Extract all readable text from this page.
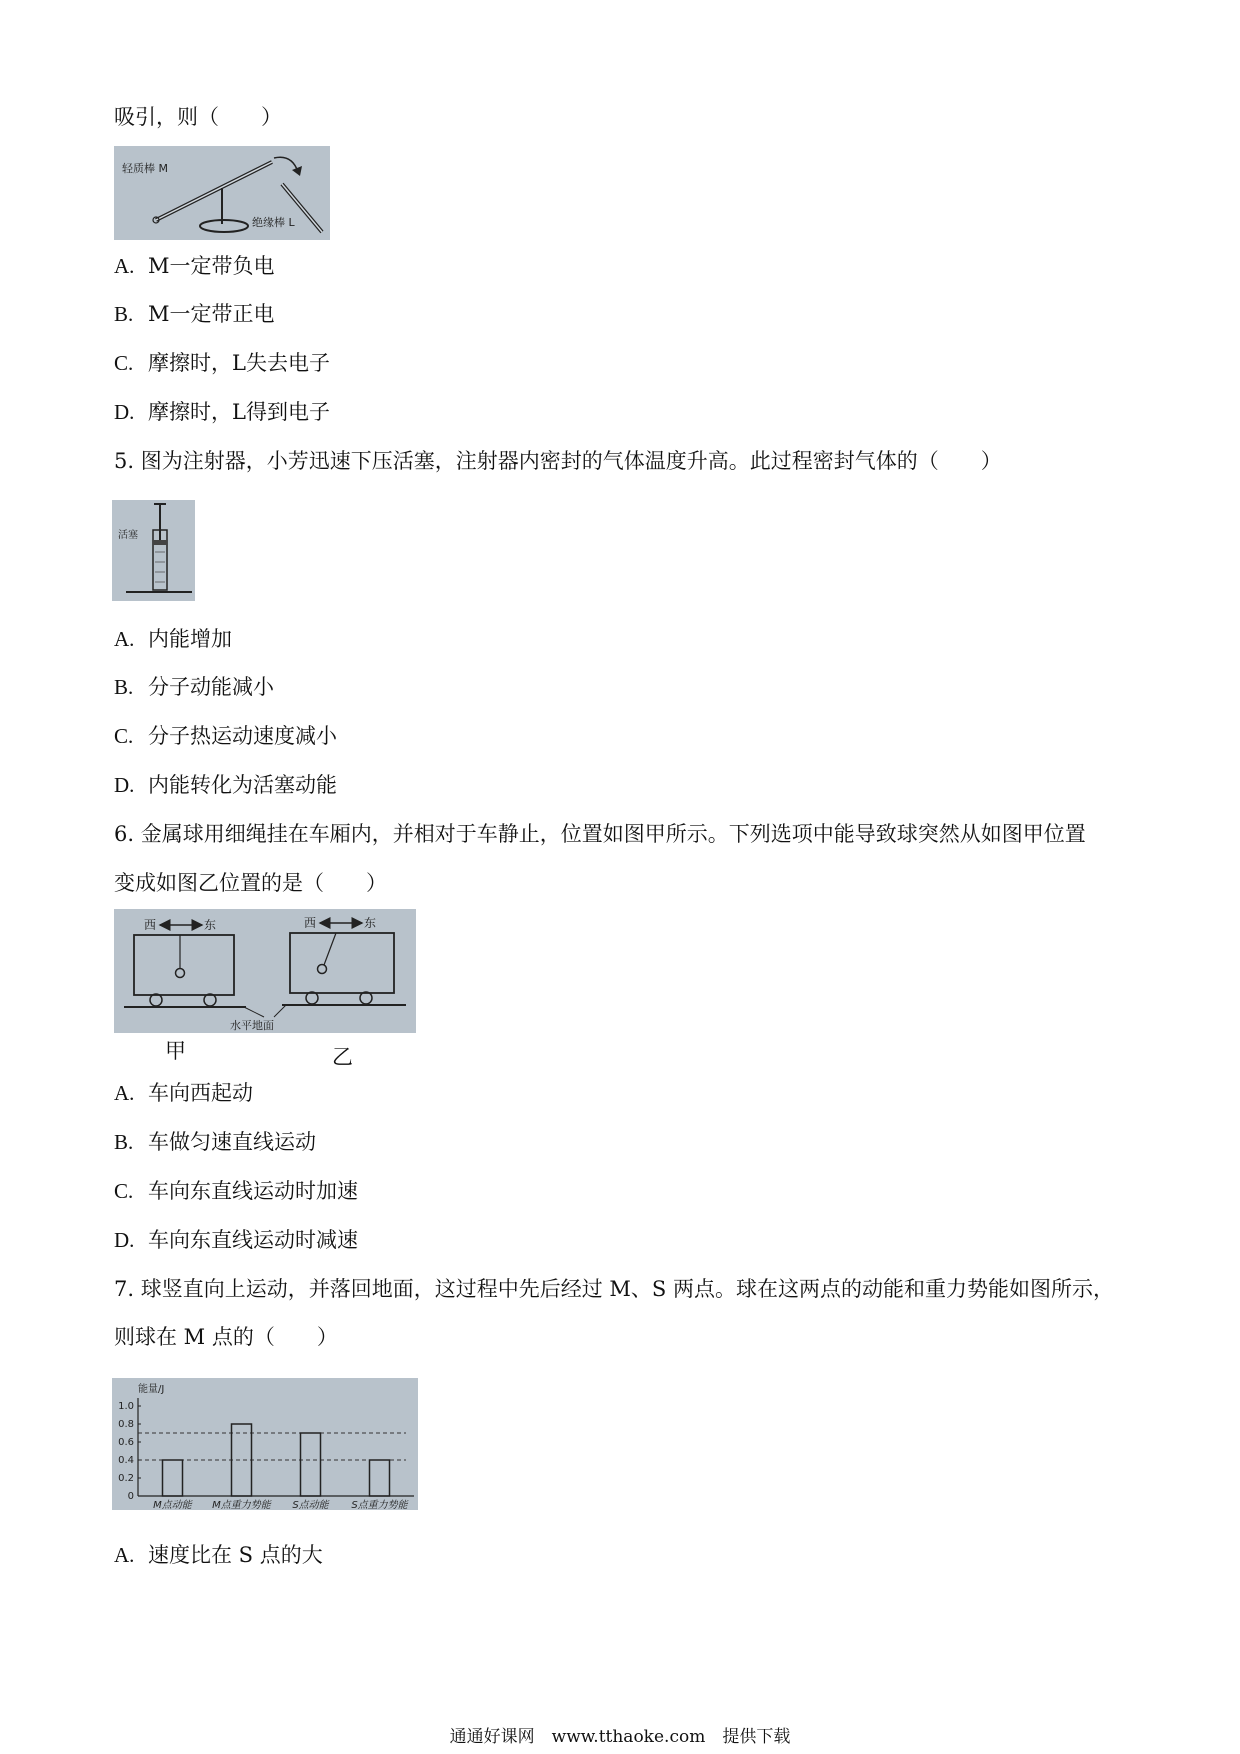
吸引，则（　　）
轻质棒 M
绝缘棒 L
A. M一定带负电
B. M一定带正电
C. 摩擦时，L失去电子
D. 摩擦时，L得到电子
5. 图为注射器，小芳迅速下压活塞，注射器内密封的气体温度升高。此过程密封气体的（　　）
活塞
A. 内能增加
B. 分子动能减小
C. 分子热运动速度减小
D. 内能转化为活塞动能
6. 金属球用细绳挂在车厢内，并相对于车静止，位置如图甲所示。下列选项中能导致球突然从如图甲位置
变成如图乙位置的是（　　）
西	东	西	东
水平地面
甲	乙
A. 车向西起动
B. 车做匀速直线运动
C. 车向东直线运动时加速
D. 车向东直线运动时减速
7. 球竖直向上运动，并落回地面，这过程中先后经过 M、S 两点。球在这两点的动能和重力势能如图所示，
则球在 M 点的（　　）
能量/J
0
0.2
0.4
0.6
0.8
1.0
M点动能 M点重力势能 S点动能 S点重力势能
A. 速度比在 S 点的大
通通好课网　www.tthaoke.com　提供下载
